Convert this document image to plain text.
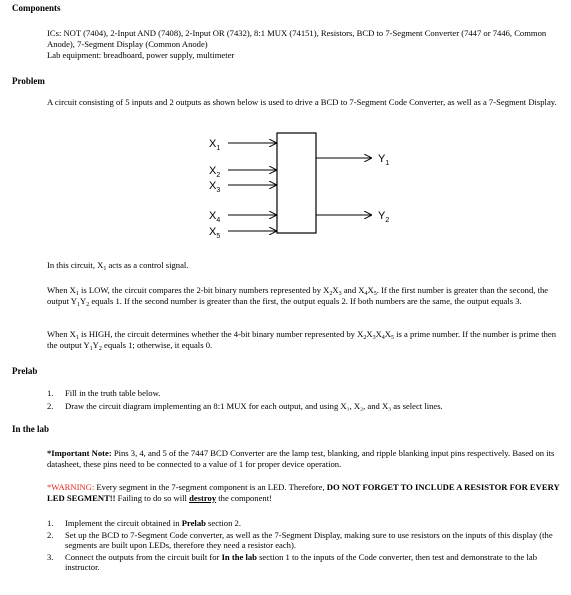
Components
ICs: NOT (7404), 2-Input AND (7408), 2-Input OR (7432), 8:1 MUX (74151), Resistors, BCD to 7-Segment Converter (7447 or 7446, Common Anode), 7-Segment Display (Common Anode)
Lab equipment: breadboard, power supply, multimeter
Problem
A circuit consisting of 5 inputs and 2 outputs as shown below is used to drive a BCD to 7-Segment Code Converter, as well as a 7-Segment Display.
$X_1$
$X_2$
$X_3$
$X_4$
$X_5$
$Y_1$
$Y_2$
In this circuit, $X_1$ acts as a control signal.
When $X_1$ is LOW, the circuit compares the 2-bit binary numbers represented by $X_2X_3$ and $X_4X_5$. If the first number is greater than the second, the output $Y_1Y_2$ equals 1. If the second number is greater than the first, the output equals 2. If both numbers are the same, the output equals 3.
When $X_1$ is HIGH, the circuit determines whether the 4-bit binary number represented by $X_2X_3X_4X_5$ is a prime number. If the number is prime then the output $Y_1Y_2$ equals 1; otherwise, it equals 0.
Prelab
1. Fill in the truth table below.
2. Draw the circuit diagram implementing an 8:1 MUX for each output, and using X₁, X₂, and X₃ as select lines.
In the lab
*Important Note: Pins 3, 4, and 5 of the 7447 BCD Converter are the lamp test, blanking, and ripple blanking input pins respectively. Based on its datasheet, these pins need to be connected to a value of 1 for proper device operation.
*WARNING: Every segment in the 7-segment component is an LED. Therefore, DO NOT FORGET TO INCLUDE A RESISTOR FOR EVERY LED SEGMENT!! Failing to do so will destroy the component!
1. Implement the circuit obtained in Prelab section 2.
2. Set up the BCD to 7-Segment Code converter, as well as the 7-Segment Display, making sure to use resistors on the inputs of this display (the segments are built upon LEDs, therefore they need a resistor each).
3. Connect the outputs from the circuit built for In the lab section 1 to the inputs of the Code converter, then test and demonstrate to the lab instructor.
